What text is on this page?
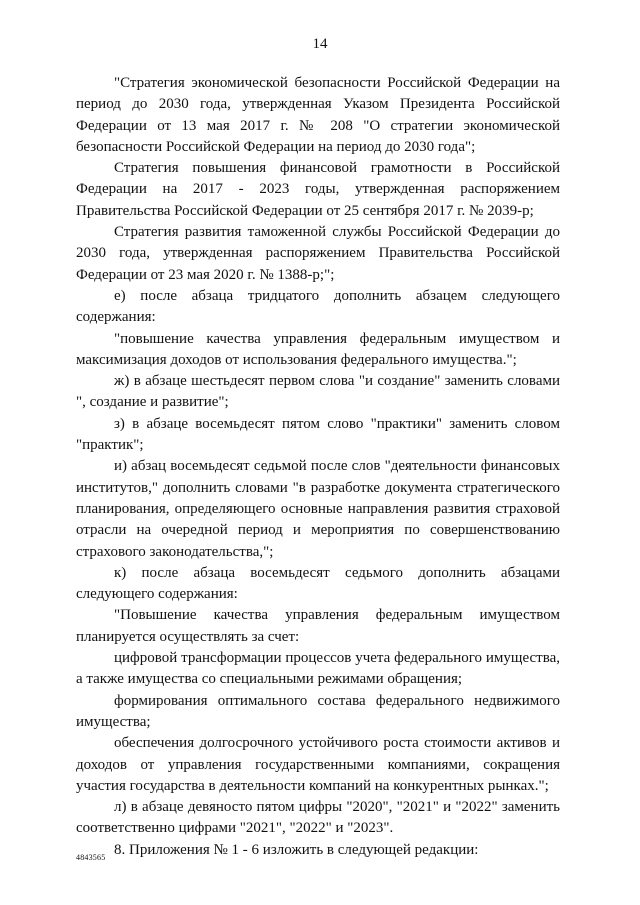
14

"Стратегия экономической безопасности Российской Федерации на период до 2030 года, утвержденная Указом Президента Российской Федерации от 13 мая 2017 г. № 208 "О стратегии экономической безопасности Российской Федерации на период до 2030 года";

Стратегия повышения финансовой грамотности в Российской Федерации на 2017 - 2023 годы, утвержденная распоряжением Правительства Российской Федерации от 25 сентября 2017 г. № 2039-р;

Стратегия развития таможенной службы Российской Федерации до 2030 года, утвержденная распоряжением Правительства Российской Федерации от 23 мая 2020 г. № 1388-р;";

е) после абзаца тридцатого дополнить абзацем следующего содержания:

"повышение качества управления федеральным имуществом и максимизация доходов от использования федерального имущества.";

ж) в абзаце шестьдесят первом слова "и создание" заменить словами ", создание и развитие";

з) в абзаце восемьдесят пятом слово "практики" заменить словом "практик";

и) абзац восемьдесят седьмой после слов "деятельности финансовых институтов," дополнить словами "в разработке документа стратегического планирования, определяющего основные направления развития страховой отрасли на очередной период и мероприятия по совершенствованию страхового законодательства,";

к) после абзаца восемьдесят седьмого дополнить абзацами следующего содержания:

"Повышение качества управления федеральным имуществом планируется осуществлять за счет:

цифровой трансформации процессов учета федерального имущества, а также имущества со специальными режимами обращения;

формирования оптимального состава федерального недвижимого имущества;

обеспечения долгосрочного устойчивого роста стоимости активов и доходов от управления государственными компаниями, сокращения участия государства в деятельности компаний на конкурентных рынках.";

л) в абзаце девяносто пятом цифры "2020", "2021" и "2022" заменить соответственно цифрами "2021", "2022" и "2023".

8. Приложения № 1 - 6 изложить в следующей редакции:

4843565
